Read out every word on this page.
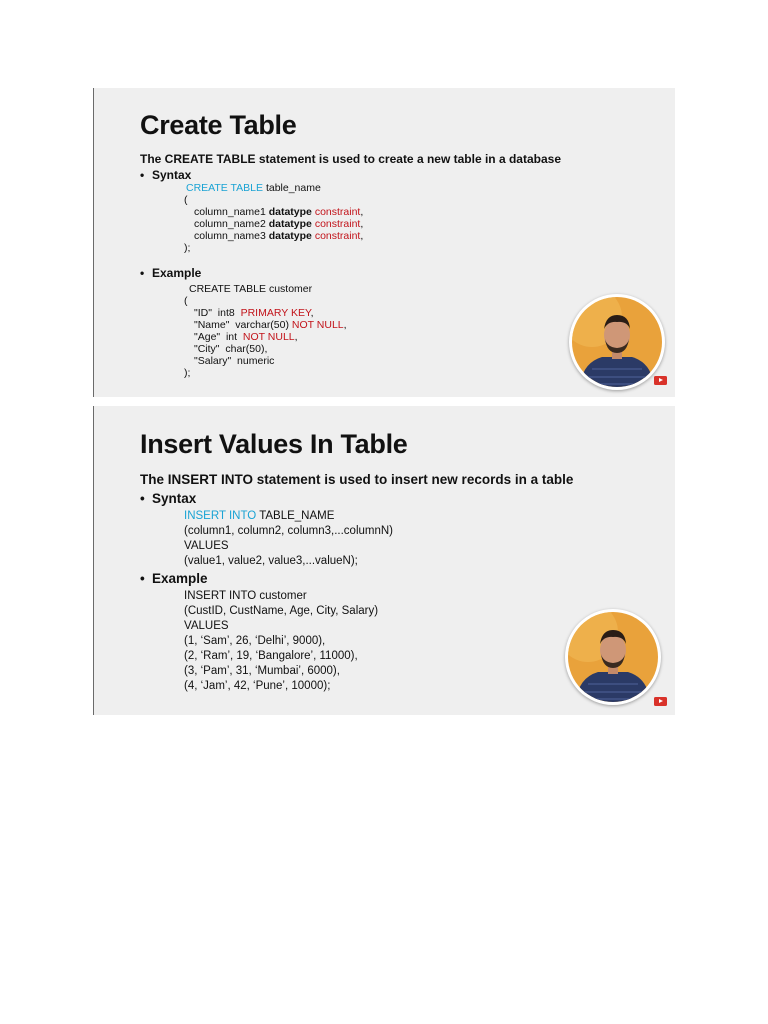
Create Table
The CREATE TABLE statement is used to create a new table in a database
• Syntax
CREATE TABLE table_name
(
column_name1 datatype constraint,
column_name2 datatype constraint,
column_name3 datatype constraint,
);
• Example
CREATE TABLE customer
(
"ID"  int8  PRIMARY KEY,
"Name"  varchar(50) NOT NULL,
"Age"  int  NOT NULL,
"City"  char(50),
"Salary"  numeric
);
Insert Values In Table
The INSERT INTO statement is used to insert new records in a table
• Syntax
INSERT INTO TABLE_NAME
(column1, column2, column3,...columnN)
VALUES
(value1, value2, value3,...valueN);
• Example
INSERT INTO customer
(CustID, CustName, Age, City, Salary)
VALUES
(1, ‘Sam’, 26, ‘Delhi’, 9000),
(2, ‘Ram’, 19, ‘Bangalore’, 11000),
(3, ‘Pam’, 31, ‘Mumbai’, 6000),
(4, ‘Jam’, 42, ‘Pune’, 10000);
